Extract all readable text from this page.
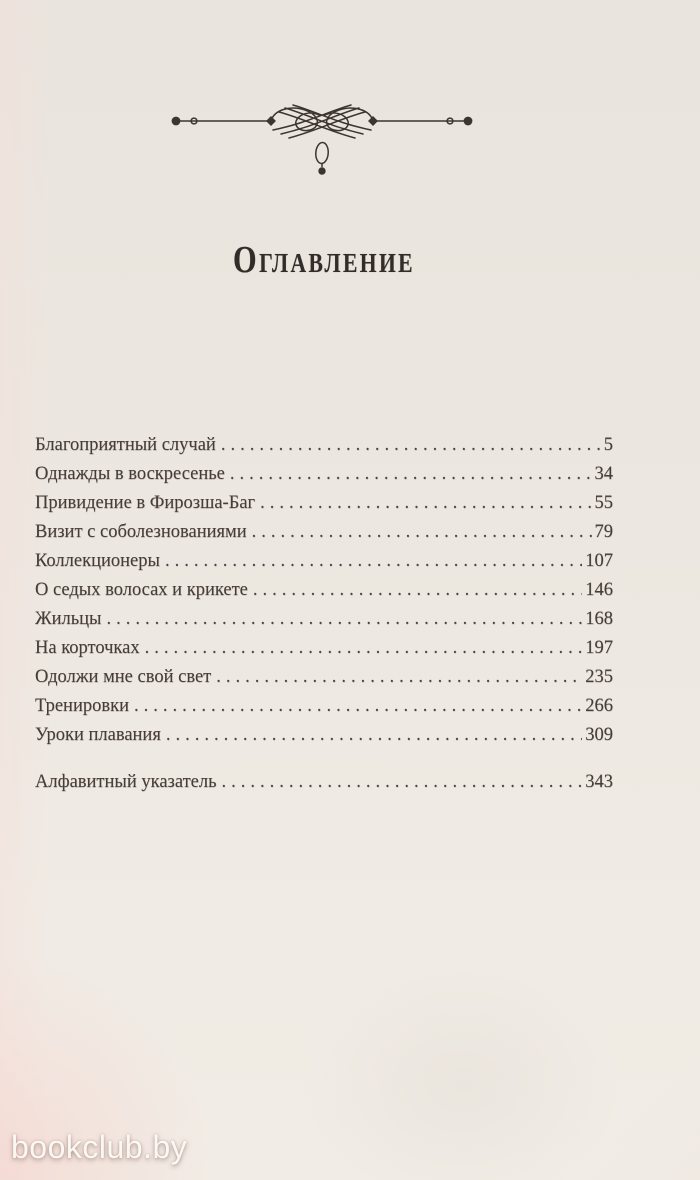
Оглавление
Благоприятный случай .....	5
Однажды в воскресенье .....	34
Привидение в Фирозша-Баг .....	55
Визит с соболезнованиями .....	79
Коллекционеры .....	107
О седых волосах и крикете .....	146
Жильцы .....	168
На корточках .....	197
Одолжи мне свой свет .....	235
Тренировки .....	266
Уроки плавания .....	309
Алфавитный указатель .....	343
bookclub.by
